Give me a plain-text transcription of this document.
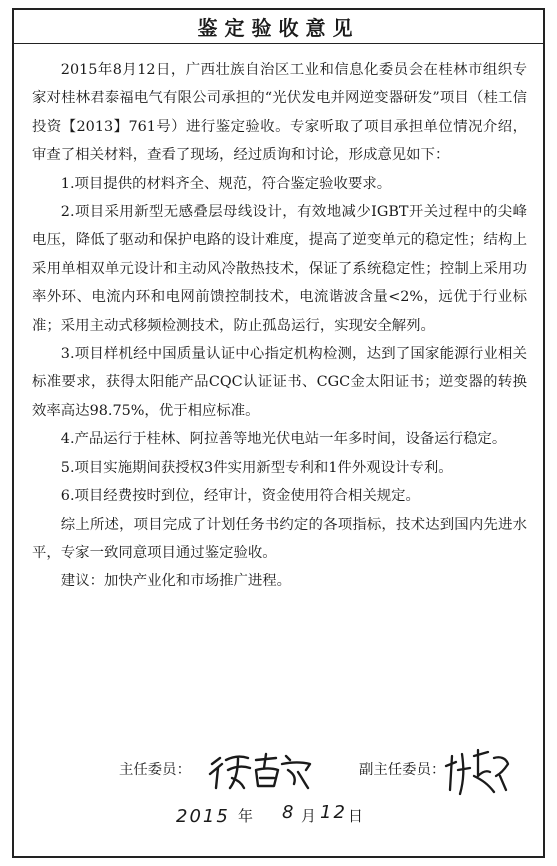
鉴定验收意见

2015年8月12日，广西壮族自治区工业和信息化委员会在桂林市组织专家对桂林君泰福电气有限公司承担的“光伏发电并网逆变器研发”项目（桂工信投资【2013】761号）进行鉴定验收。专家听取了项目承担单位情况介绍，审查了相关材料，查看了现场，经过质询和讨论，形成意见如下：

1.项目提供的材料齐全、规范，符合鉴定验收要求。

2.项目采用新型无感叠层母线设计，有效地减少IGBT开关过程中的尖峰电压，降低了驱动和保护电路的设计难度，提高了逆变单元的稳定性；结构上采用单相双单元设计和主动风冷散热技术，保证了系统稳定性；控制上采用功率外环、电流内环和电网前馈控制技术，电流谐波含量<2%，远优于行业标准；采用主动式移频检测技术，防止孤岛运行，实现安全解列。

3.项目样机经中国质量认证中心指定机构检测，达到了国家能源行业相关标准要求，获得太阳能产品CQC认证证书、CGC金太阳证书；逆变器的转换效率高达98.75%，优于相应标准。

4.产品运行于桂林、阿拉善等地光伏电站一年多时间，设备运行稳定。

5.项目实施期间获授权3件实用新型专利和1件外观设计专利。

6.项目经费按时到位，经审计，资金使用符合相关规定。

综上所述，项目完成了计划任务书约定的各项指标，技术达到国内先进水平，专家一致同意项目通过鉴定验收。

建议：加快产业化和市场推广进程。

主任委员：	副主任委员：
2015 年 8 月 12 日
